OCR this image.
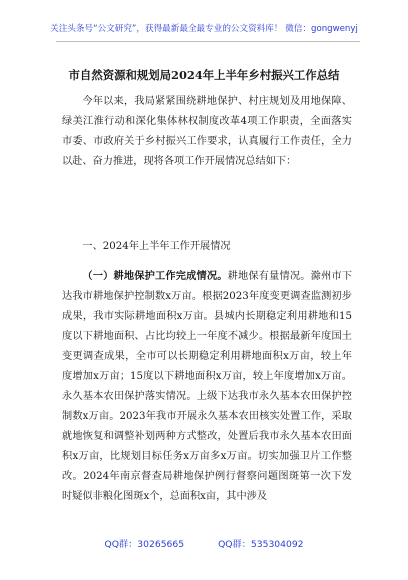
关注头条号“公文研究”，获得最新最全最专业的公文资料库！ 微信：gongwenyj
市自然资源和规划局2024年上半年乡村振兴工作总结
今年以来，我局紧紧围绕耕地保护、村庄规划及用地保障、绿美江淮行动和深化集体林权制度改革4项工作职责，全面落实市委、市政府关于乡村振兴工作要求，认真履行工作责任，全力以赴、奋力推进，现将各项工作开展情况总结如下：
一、2024年上半年工作开展情况
（一）耕地保护工作完成情况。耕地保有量情况。滁州市下达我市耕地保护控制数x万亩。根据2023年度变更调查监测初步成果，我市实际耕地面积x万亩。县城内长期稳定利用耕地和15度以下耕地面积、占比均较上一年度不减少。根据最新年度国土变更调查成果，全市可以长期稳定利用耕地面积x万亩，较上年度增加x万亩；15度以下耕地面积x万亩，较上年度增加x万亩。永久基本农田保护落实情况。上级下达我市永久基本农田保护控制数x万亩。2023年我市开展永久基本农田核实处置工作，采取就地恢复和调整补划两种方式整改，处置后我市永久基本农田面积x万亩，比规划目标任务x万亩多x万亩。切实加强卫片工作整改。2024年南京督查局耕地保护例行督察问题图斑第一次下发时疑似非粮化图斑x个，总面积x亩，其中涉及
QQ群：30265665	QQ群：535304092
